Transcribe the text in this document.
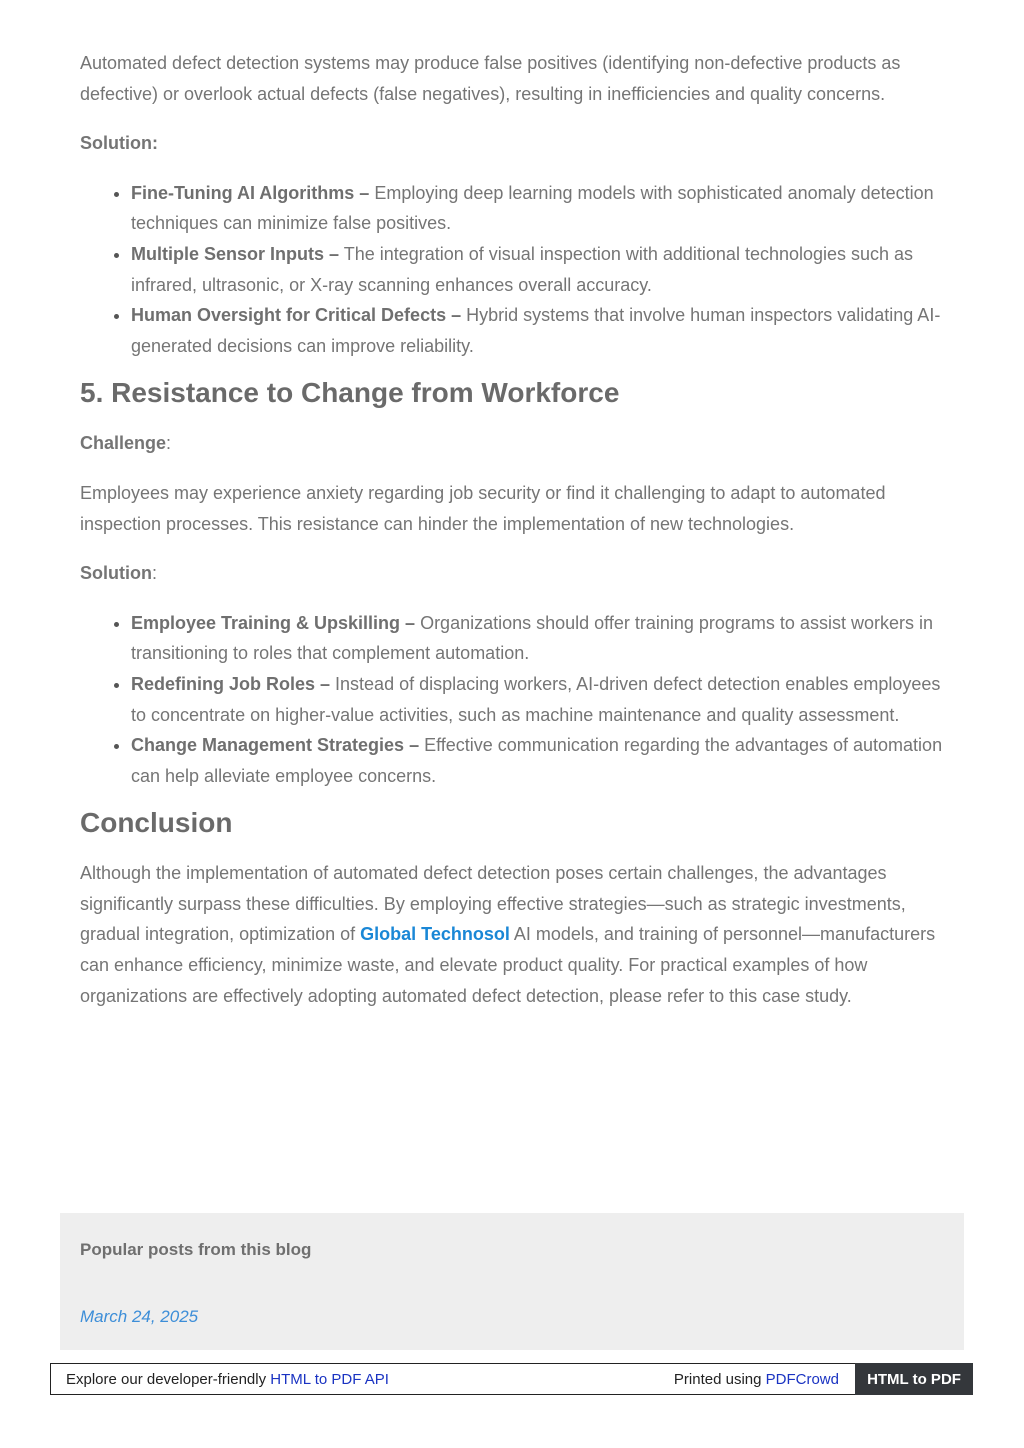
Automated defect detection systems may produce false positives (identifying non-defective products as defective) or overlook actual defects (false negatives), resulting in inefficiencies and quality concerns.

Solution:

• Fine-Tuning AI Algorithms – Employing deep learning models with sophisticated anomaly detection techniques can minimize false positives.
• Multiple Sensor Inputs – The integration of visual inspection with additional technologies such as infrared, ultrasonic, or X-ray scanning enhances overall accuracy.
• Human Oversight for Critical Defects – Hybrid systems that involve human inspectors validating AI-generated decisions can improve reliability.
5. Resistance to Change from Workforce

Challenge:

Employees may experience anxiety regarding job security or find it challenging to adapt to automated inspection processes. This resistance can hinder the implementation of new technologies.

Solution:

• Employee Training & Upskilling – Organizations should offer training programs to assist workers in transitioning to roles that complement automation.
• Redefining Job Roles – Instead of displacing workers, AI-driven defect detection enables employees to concentrate on higher-value activities, such as machine maintenance and quality assessment.
• Change Management Strategies – Effective communication regarding the advantages of automation can help alleviate employee concerns.
Conclusion

Although the implementation of automated defect detection poses certain challenges, the advantages significantly surpass these difficulties. By employing effective strategies—such as strategic investments, gradual integration, optimization of Global Technosol AI models, and training of personnel—manufacturers can enhance efficiency, minimize waste, and elevate product quality. For practical examples of how organizations are effectively adopting automated defect detection, please refer to this case study.

Popular posts from this blog
March 24, 2025
Explore our developer-friendly HTML to PDF API	Printed using PDFCrowd	HTML to PDF
